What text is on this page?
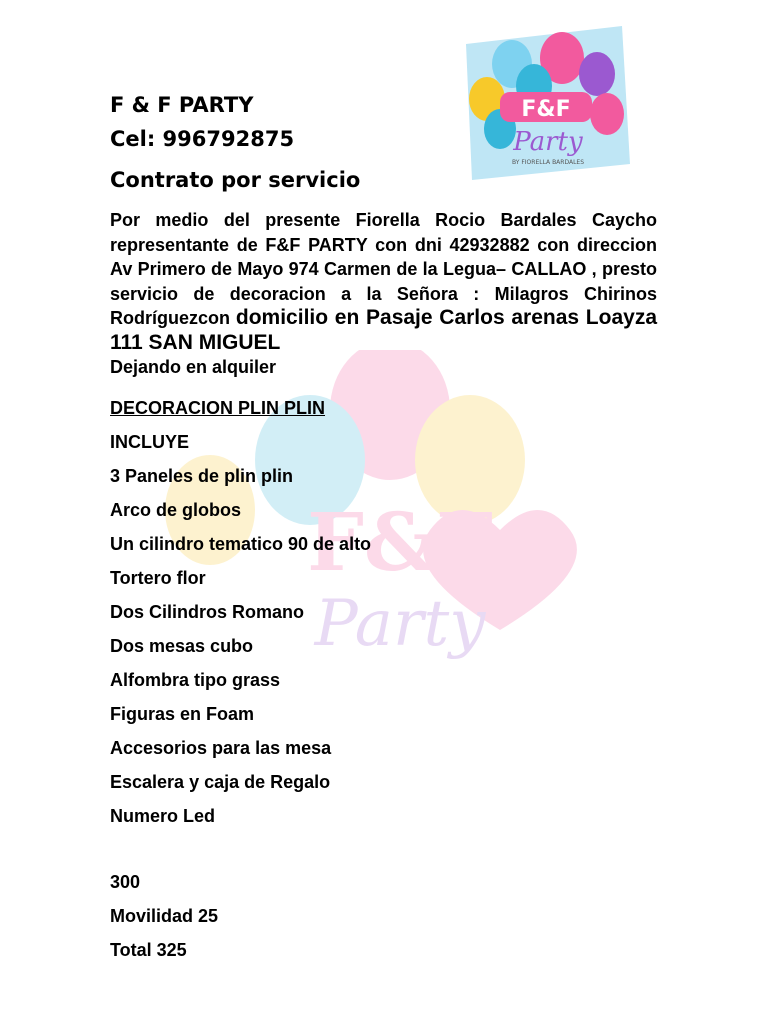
F&F
Party
F&F
Party
BY FIORELLA BARDALES

F & F PARTY

Cel: 996792875

Contrato por servicio

Por medio del presente Fiorella Rocio Bardales Caycho representante de F&F PARTY con dni 42932882 con direccion Av Primero de Mayo 974 Carmen de la Legua– CALLAO , presto servicio de decoracion a la Señora : Milagros Chirinos Rodríguezcon domicilio en Pasaje Carlos arenas Loayza 111 SAN MIGUEL
Dejando en alquiler

DECORACION PLIN PLIN
INCLUYE
3 Paneles de plin plin
Arco de globos
Un cilindro tematico 90 de alto
Tortero flor
Dos Cilindros Romano
Dos mesas cubo
Alfombra tipo grass
Figuras en Foam
Accesorios para las mesa
Escalera y caja de Regalo
Numero Led
300
Movilidad 25
Total 325
